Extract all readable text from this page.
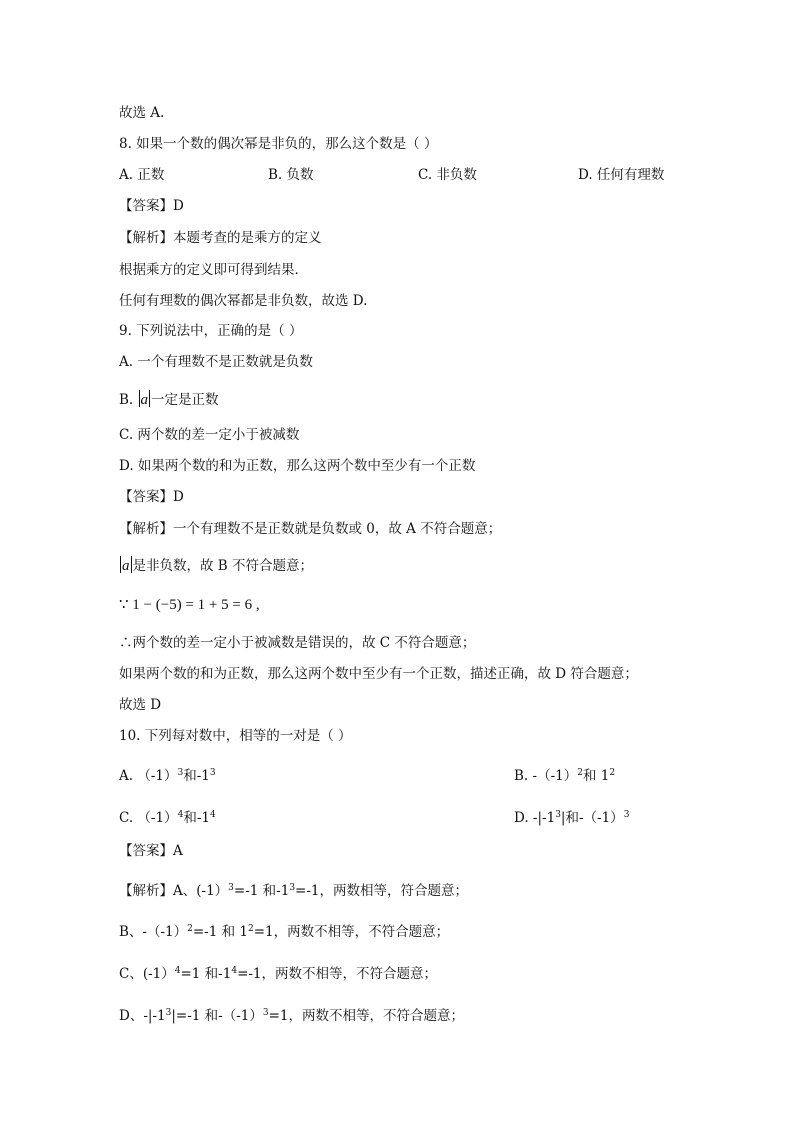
故选 A.
8. 如果一个数的偶次幂是非负的，那么这个数是（ ）
A. 正数	B. 负数	C. 非负数	D. 任何有理数
【答案】D
【解析】本题考查的是乘方的定义
根据乘方的定义即可得到结果．
任何有理数的偶次幂都是非负数，故选 D.
9. 下列说法中，正确的是（ ）
A. 一个有理数不是正数就是负数
B. a 一定是正数
C. 两个数的差一定小于被减数
D. 如果两个数的和为正数，那么这两个数中至少有一个正数
【答案】D
【解析】一个有理数不是正数就是负数或 0，故 A 不符合题意；
a 是非负数，故 B 不符合题意；
∵ 1 − (−5) = 1 + 5 = 6 ,
∴两个数的差一定小于被减数是错误的，故 C 不符合题意；
如果两个数的和为正数，那么这两个数中至少有一个正数，描述正确，故 D 符合题意；
故选 D
10. 下列每对数中，相等的一对是（ ）
A. $(-1)^3$和$-1^3$	B. $-(-1)^2$和 $1^2$
C. $(-1)^4$和$-1^4$	D. $-|-1^3|$和$-(-1)^3$
【答案】A
【解析】A、(-1）$^3$=-1 和$-1^3=-1$，两数相等，符合题意；
B、$-(-1)^2=-1$ 和 $1^2=1$，两数不相等，不符合题意；
C、(-1）$^4$=1 和$-1^4=-1$，两数不相等，不符合题意；
D、$-|-1^3|=-1$ 和$-(-1)^3=1$，两数不相等，不符合题意；
